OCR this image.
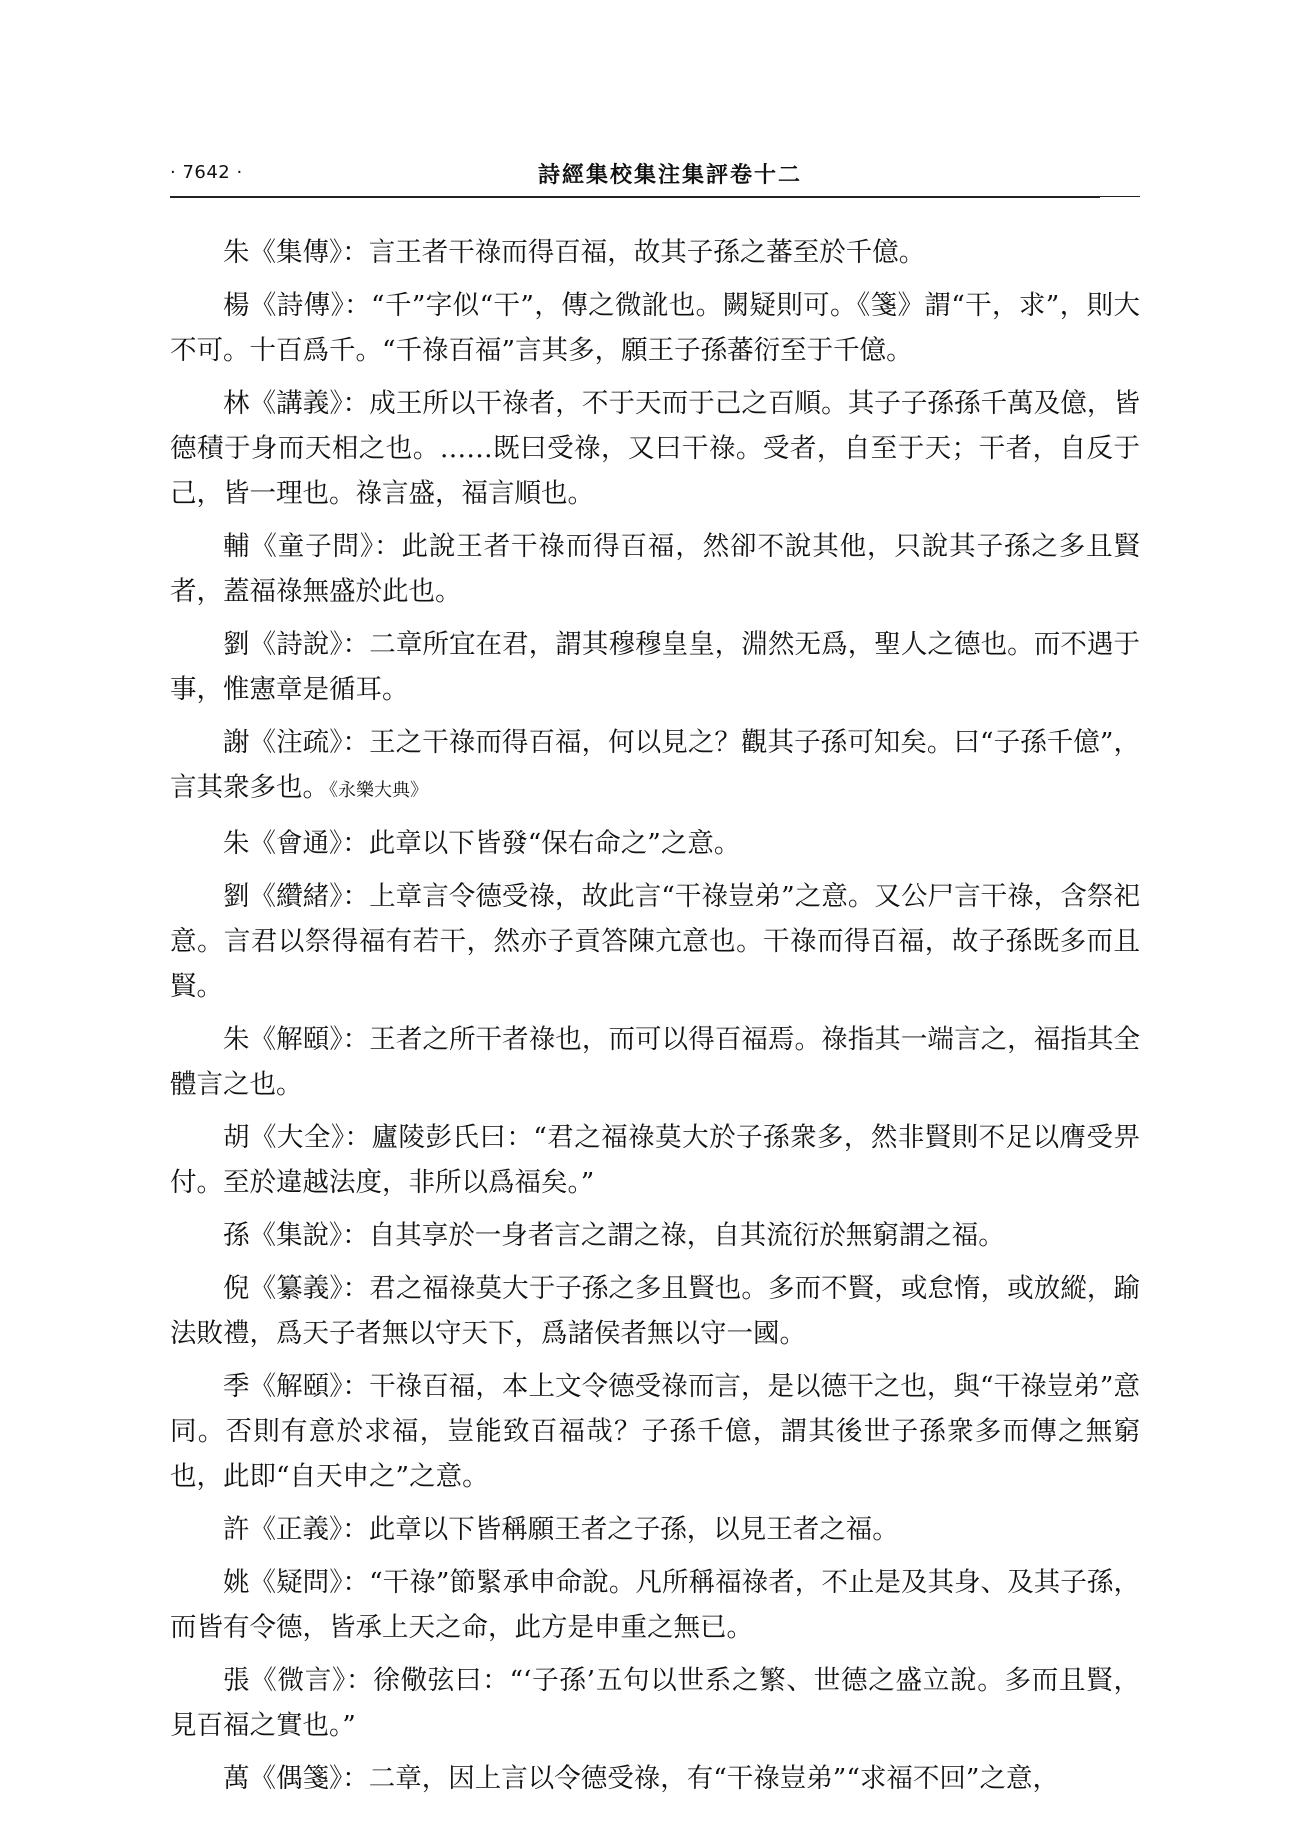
· 7642 ·	詩經集校集注集評卷十二

朱《集傳》：言王者干祿而得百福，故其子孫之蕃至於千億。

楊《詩傳》：“千”字似“干”，傳之微訛也。闕疑則可。《箋》謂“干，求”，則大不可。十百爲千。“千祿百福”言其多，願王子孫蕃衍至于千億。

林《講義》：成王所以干祿者，不于天而于己之百順。其子子孫孫千萬及億，皆德積于身而天相之也。……既曰受祿，又曰干祿。受者，自至于天；干者，自反于己，皆一理也。祿言盛，福言順也。

輔《童子問》：此說王者干祿而得百福，然卻不說其他，只說其子孫之多且賢者，蓋福祿無盛於此也。

劉《詩說》：二章所宜在君，謂其穆穆皇皇，淵然无爲，聖人之德也。而不遇于事，惟憲章是循耳。

謝《注疏》：王之干祿而得百福，何以見之？觀其子孫可知矣。曰“子孫千億”，言其衆多也。《永樂大典》

朱《會通》：此章以下皆發“保右命之”之意。

劉《纘緒》：上章言令德受祿，故此言“干祿豈弟”之意。又公尸言干祿，含祭祀意。言君以祭得福有若干，然亦子貢答陳亢意也。干祿而得百福，故子孫既多而且賢。

朱《解頤》：王者之所干者祿也，而可以得百福焉。祿指其一端言之，福指其全體言之也。

胡《大全》：廬陵彭氏曰：“君之福祿莫大於子孫衆多，然非賢則不足以膺受畀付。至於違越法度，非所以爲福矣。”

孫《集說》：自其享於一身者言之謂之祿，自其流衍於無窮謂之福。

倪《纂義》：君之福祿莫大于子孫之多且賢也。多而不賢，或怠惰，或放縱，踰法敗禮，爲天子者無以守天下，爲諸侯者無以守一國。

季《解頤》：干祿百福，本上文令德受祿而言，是以德干之也，與“干祿豈弟”意同。否則有意於求福，豈能致百福哉？子孫千億，謂其後世子孫衆多而傳之無窮也，此即“自天申之”之意。

許《正義》：此章以下皆稱願王者之子孫，以見王者之福。

姚《疑問》：“干祿”節緊承申命說。凡所稱福祿者，不止是及其身、及其子孫，而皆有令德，皆承上天之命，此方是申重之無已。

張《微言》：徐儆弦曰：“‘子孫’五句以世系之繁、世德之盛立說。多而且賢，見百福之實也。”

萬《偶箋》：二章，因上言以令德受祿，有“干祿豈弟”“求福不回”之意，
